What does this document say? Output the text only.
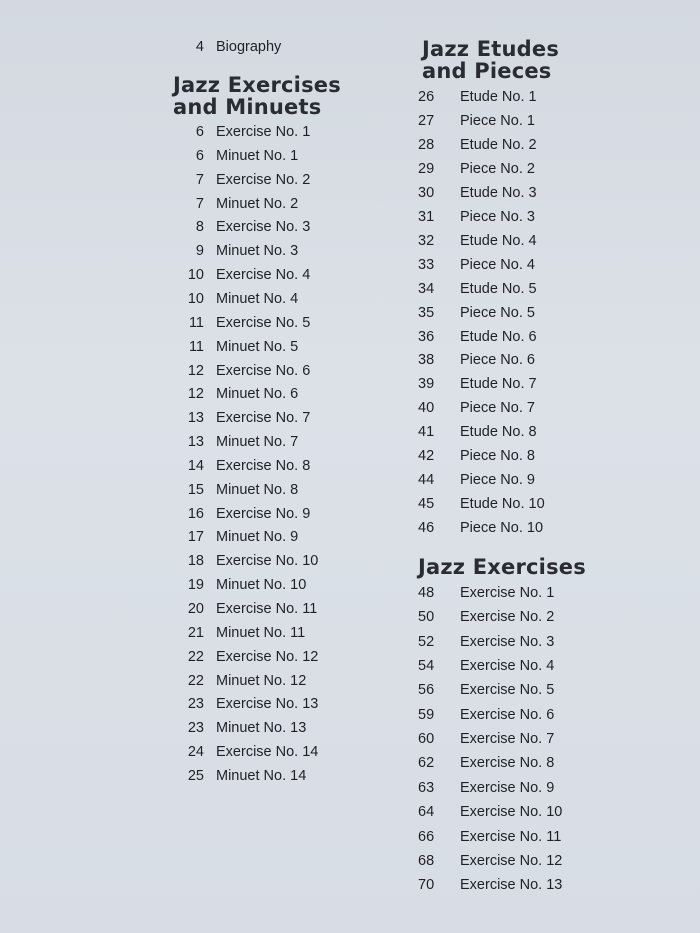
4 Biography
Jazz Exercises
and Minuets
6 Exercise No. 1
6 Minuet No. 1
7 Exercise No. 2
7 Minuet No. 2
8 Exercise No. 3
9 Minuet No. 3
10 Exercise No. 4
10 Minuet No. 4
11 Exercise No. 5
11 Minuet No. 5
12 Exercise No. 6
12 Minuet No. 6
13 Exercise No. 7
13 Minuet No. 7
14 Exercise No. 8
15 Minuet No. 8
16 Exercise No. 9
17 Minuet No. 9
18 Exercise No. 10
19 Minuet No. 10
20 Exercise No. 11
21 Minuet No. 11
22 Exercise No. 12
22 Minuet No. 12
23 Exercise No. 13
23 Minuet No. 13
24 Exercise No. 14
25 Minuet No. 14
Jazz Etudes
and Pieces
26	Etude No. 1
27	Piece No. 1
28	Etude No. 2
29	Piece No. 2
30	Etude No. 3
31	Piece No. 3
32	Etude No. 4
33	Piece No. 4
34	Etude No. 5
35	Piece No. 5
36	Etude No. 6
38	Piece No. 6
39	Etude No. 7
40	Piece No. 7
41	Etude No. 8
42	Piece No. 8
44	Piece No. 9
45	Etude No. 10
46	Piece No. 10
Jazz Exercises
48	Exercise No. 1
50	Exercise No. 2
52	Exercise No. 3
54	Exercise No. 4
56	Exercise No. 5
59	Exercise No. 6
60	Exercise No. 7
62	Exercise No. 8
63	Exercise No. 9
64	Exercise No. 10
66	Exercise No. 11
68	Exercise No. 12
70	Exercise No. 13
